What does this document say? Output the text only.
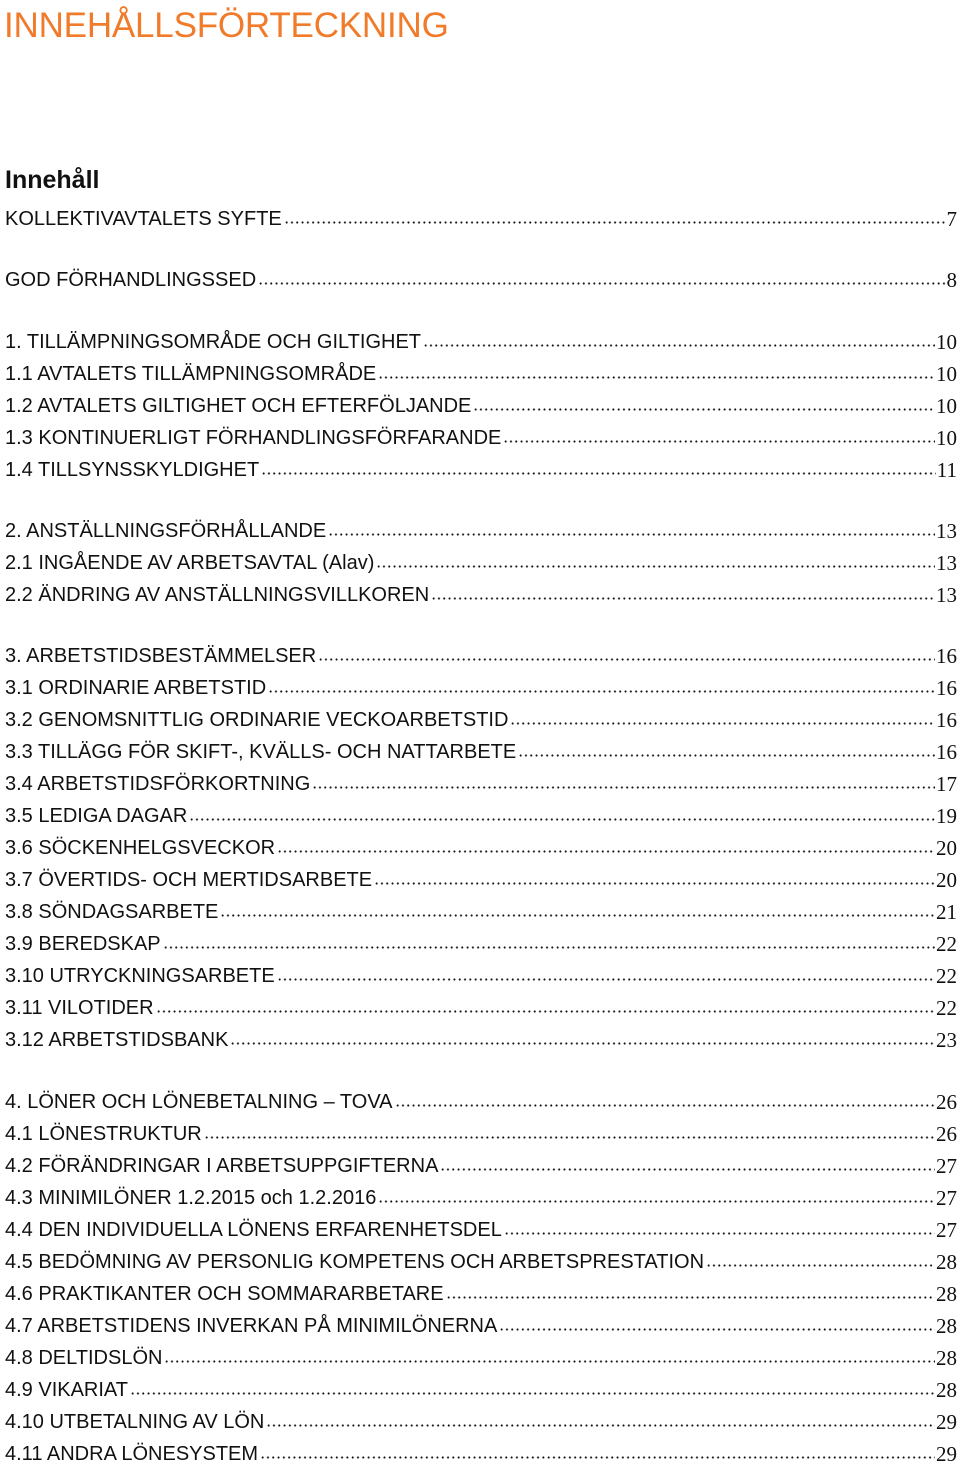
INNEHÅLLSFÖRTECKNING
Innehåll
KOLLEKTIVAVTALETS SYFTE	7
GOD FÖRHANDLINGSSED	8
1. TILLÄMPNINGSOMRÅDE OCH GILTIGHET	10
1.1 AVTALETS TILLÄMPNINGSOMRÅDE	10
1.2 AVTALETS GILTIGHET OCH EFTERFÖLJANDE	10
1.3 KONTINUERLIGT FÖRHANDLINGSFÖRFARANDE	10
1.4 TILLSYNSSKYLDIGHET	11
2. ANSTÄLLNINGSFÖRHÅLLANDE	13
2.1 INGÅENDE AV ARBETSAVTAL (Alav)	13
2.2 ÄNDRING AV ANSTÄLLNINGSVILLKOREN	13
3. ARBETSTIDSBESTÄMMELSER	16
3.1 ORDINARIE ARBETSTID	16
3.2 GENOMSNITTLIG ORDINARIE VECKOARBETSTID	16
3.3 TILLÄGG FÖR SKIFT-, KVÄLLS- OCH NATTARBETE	16
3.4 ARBETSTIDSFÖRKORTNING	17
3.5 LEDIGA DAGAR	19
3.6 SÖCKENHELGSVECKOR	20
3.7 ÖVERTIDS- OCH MERTIDSARBETE	20
3.8 SÖNDAGSARBETE	21
3.9 BEREDSKAP	22
3.10 UTRYCKNINGSARBETE	22
3.11 VILOTIDER	22
3.12 ARBETSTIDSBANK	23
4. LÖNER OCH LÖNEBETALNING – TOVA	26
4.1 LÖNESTRUKTUR	26
4.2 FÖRÄNDRINGAR I ARBETSUPPGIFTERNA	27
4.3 MINIMILÖNER 1.2.2015 och 1.2.2016	27
4.4 DEN INDIVIDUELLA LÖNENS ERFARENHETSDEL	27
4.5 BEDÖMNING AV PERSONLIG KOMPETENS OCH ARBETSPRESTATION	28
4.6 PRAKTIKANTER OCH SOMMARARBETARE	28
4.7 ARBETSTIDENS INVERKAN PÅ MINIMILÖNERNA	28
4.8 DELTIDSLÖN	28
4.9 VIKARIAT	28
4.10 UTBETALNING AV LÖN	29
4.11 ANDRA LÖNESYSTEM	29
